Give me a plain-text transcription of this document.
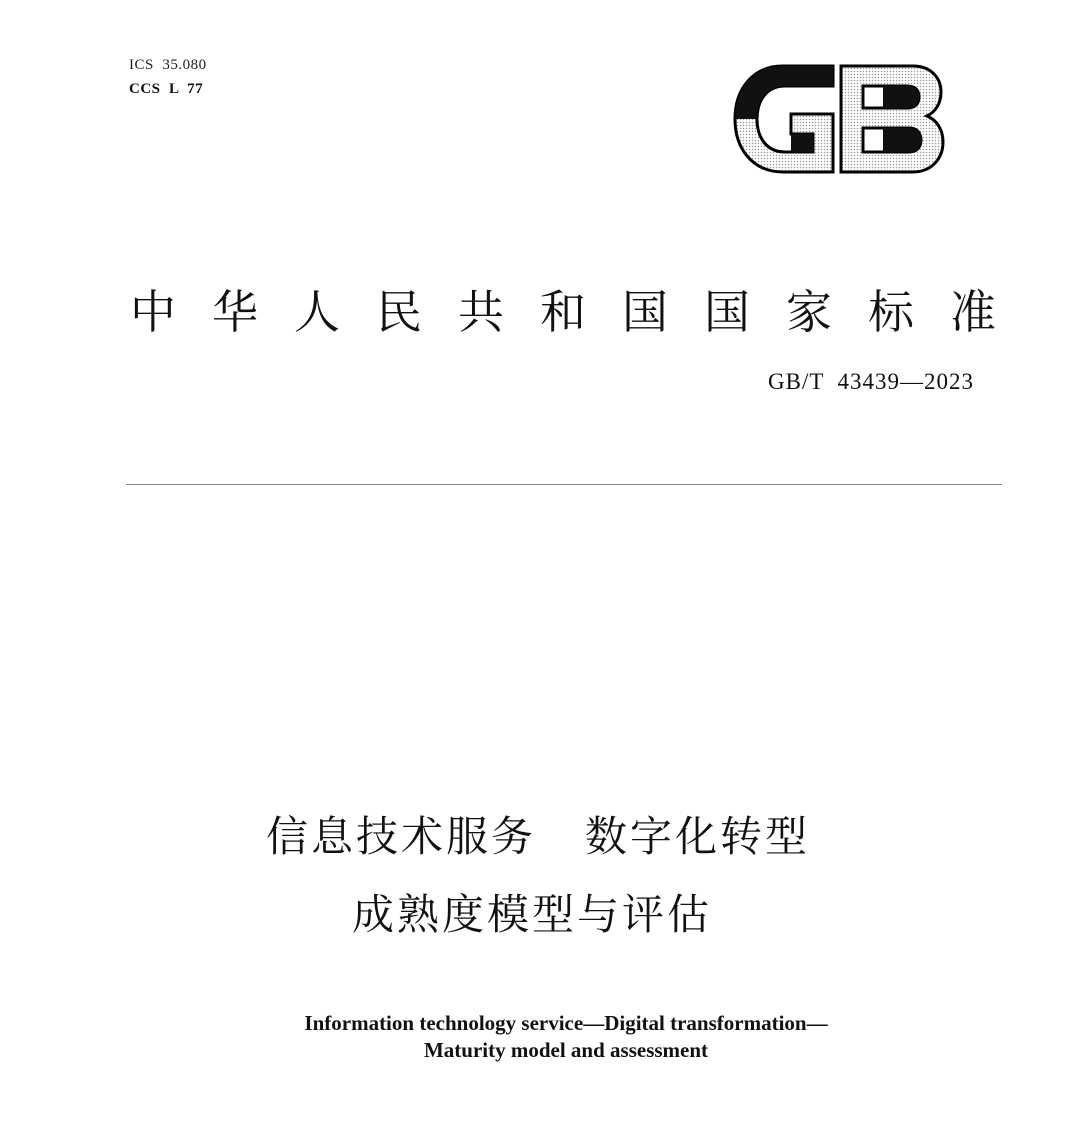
ICS  35.080
CCS  L  77
中华人民共和国国家标准
GB/T  43439—2023
信息技术服务   数字化转型
成熟度模型与评估
Information technology service—Digital transformation—
Maturity model and assessment
